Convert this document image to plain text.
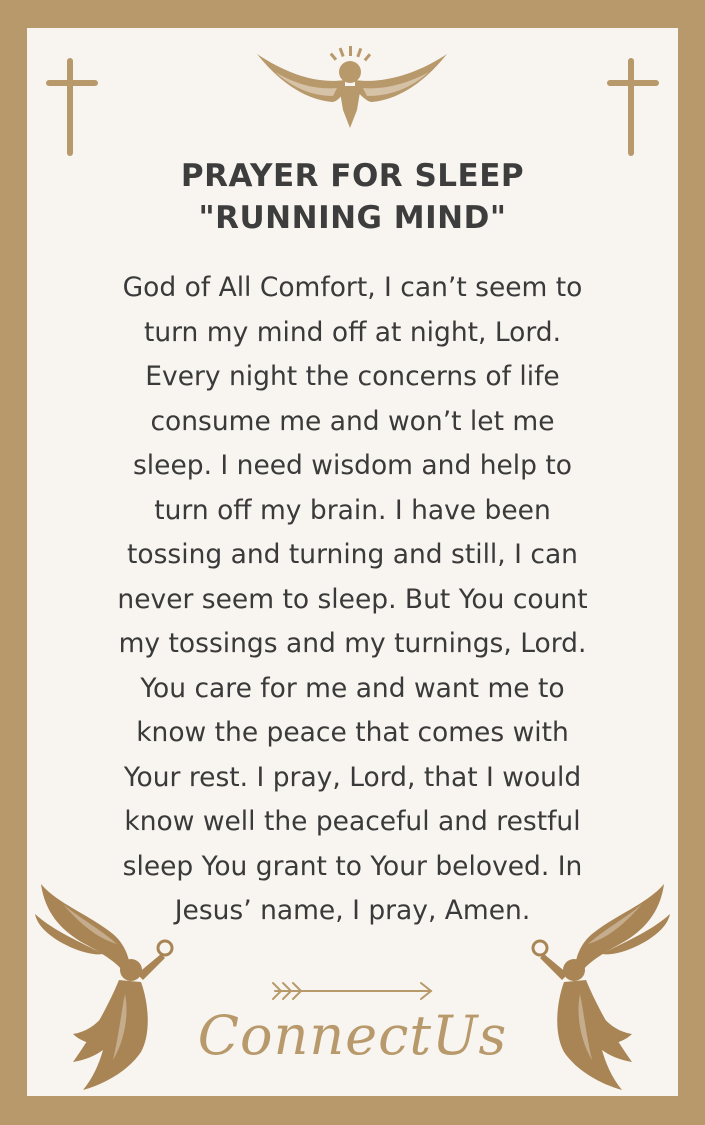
PRAYER FOR SLEEP
"RUNNING MIND"
God of All Comfort, I can’t seem to
turn my mind off at night, Lord.
Every night the concerns of life
consume me and won’t let me
sleep. I need wisdom and help to
turn off my brain. I have been
tossing and turning and still, I can
never seem to sleep. But You count
my tossings and my turnings, Lord.
You care for me and want me to
know the peace that comes with
Your rest. I pray, Lord, that I would
know well the peaceful and restful
sleep You grant to Your beloved. In
Jesus’ name, I pray, Amen.
ConnectUs
